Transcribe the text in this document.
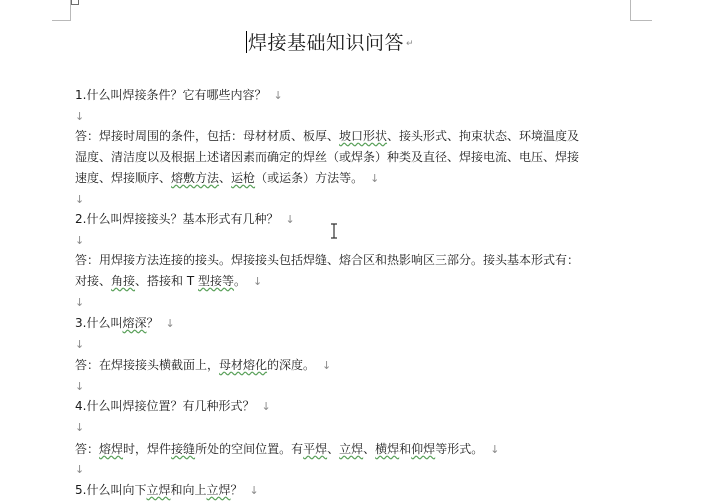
焊接基础知识问答 ↵
1.什么叫焊接条件？它有哪些内容？ ↓
↓
答：焊接时周围的条件，包括：母材材质、板厚、坡口形状、接头形式、拘束状态、环境温度及
湿度、清洁度以及根据上述诸因素而确定的焊丝（或焊条）种类及直径、焊接电流、电压、焊接
速度、焊接顺序、熔敷方法、运枪（或运条）方法等。 ↓
↓
2.什么叫焊接接头？基本形式有几种？ ↓
↓
答：用焊接方法连接的接头。焊接接头包括焊缝、熔合区和热影响区三部分。接头基本形式有：
对接、角接、搭接和 T 型接等。 ↓
↓
3.什么叫熔深？ ↓
↓
答：在焊接接头横截面上，母材熔化的深度。 ↓
↓
4.什么叫焊接位置？有几种形式？ ↓
↓
答：熔焊时，焊件接缝所处的空间位置。有平焊、立焊、横焊和仰焊等形式。 ↓
↓
5.什么叫向下立焊和向上立焊？ ↓
